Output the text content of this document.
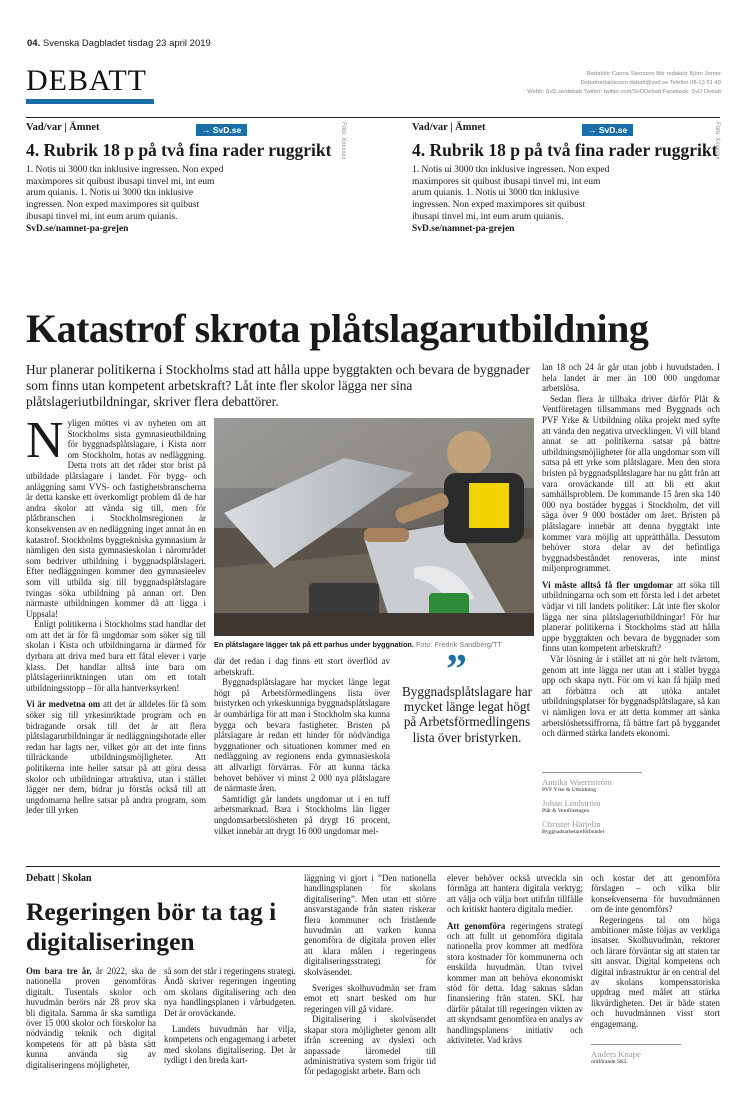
04. Svenska Dagbladet tisdag 23 april 2019
DEBATT	Redaktör Carina Stensson Bitr redaktör Björn Jorner
Debattredaktionen debatt@svd.se Telefon 08-13 51 49
Webb: SvD.se/debatt Twitter: twitter.com/SvDDebatt Facebook: SvD Debatt
Vad/var | Ämnet	→ SvD.se
4. Rubrik 18 p på två fina rader ruggrikt
1. Notis ui 3000 tkn inklusive ingressen. Non exped maximpores sit quibust ibusapi tinvel mi, int eum arum quianis. 1. Notis ui 3000 tkn inklusive ingressen. Non exped maximpores sit quibust ibusapi tinvel mi, int eum arum quianis.
SvD.se/namnet-pa-grejen
Foto: Xxxxxxx	Vad/var | Ämnet	→ SvD.se
4. Rubrik 18 p på två fina rader ruggrikt
1. Notis ui 3000 tkn inklusive ingressen. Non exped maximpores sit quibust ibusapi tinvel mi, int eum arum quianis. 1. Notis ui 3000 tkn inklusive ingressen. Non exped maximpores sit quibust ibusapi tinvel mi, int eum arum quianis.
SvD.se/namnet-pa-grejen
Foto: Xxxxxxx
Katastrof skrota plåtslagarutbildning
Hur planerar politikerna i Stockholms stad att hålla uppe byggtakten och bevara de byggnader som finns utan kompetent arbetskraft? Låt inte fler skolor lägga ner sina plåtslageriutbildningar, skriver flera debattörer.

Nyligen möttes vi av nyheten om att Stockholms sista gymnasieutbildning för byggnadsplåtslagare, i Kista norr om Stockholm, hotas av nedläggning. Detta trots att det råder stor brist på utbildade plåtslagare i landet. För bygg- och anläggning samt VVS- och fastighetsbranscherna är detta kanske ett överkomligt problem då de har andra skolor att vända sig till, men för plåtbranschen i Stockholmsregionen är konsekvensen av en nedläggning inget annat än en katastrof. Stockholms byggtekniska gymnasium är nämligen den sista gymnasieskolan i närområdet som bedriver utbildning i byggnadsplåtslageri. Efter nedläggningen kommer den gymnasieelev som vill utbilda sig till byggnadsplåtslagare tvingas söka utbildning på annan ort. Den närmaste utbildningen kommer då att ligga i Uppsala!

Enligt politikerna i Stockholms stad handlar det om att det är för få ungdomar som söker sig till skolan i Kista och utbildningarna är därmed för dyrbara att driva med bara ett fåtal elever i varje klass. Det handlar alltså inte bara om plåtslageriinriktningen utan om ett totalt utbildningsstopp – för alla hantverksyrken!

Vi är medvetna om att det är alldeles för få som söker sig till yrkesinriktade program och en bidragande orsak till det är att flera plåtslagarutbildningar är nedläggningshotade eller redan har lagts ner, vilket gör att det inte finns tillräckande utbildningsmöjligheter. Att politikerna inte heller satsar på att göra dessa skolor och utbildningar attraktiva, utan i stället lägger ner dem, bidrar ju förstås också till att ungdomarna hellre satsar på andra program, som leder till yrken

En plåtslagare lägger tak på ett parhus under byggnation. Foto: Fredrik Sandberg/TT

där det redan i dag finns ett stort överflöd av arbetskraft.

Byggnadsplåtslagare har mycket länge legat högt på Arbetsförmedlingens lista över bristyrken och yrkeskunniga byggnadsplåtslagare är oumbärliga för att man i Stockholm ska kunna bygga och bevara fastigheter. Bristen på plåtslagare är redan ett hinder för nödvändiga byggnationer och situationen kommer med en nedläggning av regionens enda gymnasieskola att allvarligt förvärras. För att kunna täcka behovet behöver vi minst 2 000 nya plåtslagare de närmaste åren.

Samtidigt går landets ungdomar ut i en tuff arbetsmarknad. Bara i Stockholms län ligger ungdomsarbetslösheten på drygt 16 procent, vilket innebär att drygt 16 000 ungdomar mel-

”
Byggnadsplåtslagare har mycket länge legat högt på Arbetsförmedlingens lista över bristyrken.

lan 18 och 24 år går utan jobb i huvudstaden. I hela landet är mer än 100 000 ungdomar arbetslösa.

Sedan flera år tillbaka driver därför Plåt & Ventföretagen tillsammans med Byggnads och PVF Yrke & Utbildning olika projekt med syfte att vända den negativa utvecklingen. Vi vill bland annat se att politikerna satsar på bättre utbildningsmöjligheter för alla ungdomar som vill satsa på ett yrke som plåtslagare. Men den stora bristen på byggnadsplåtslagare har nu gått från att vara oroväckande till att bli ett akut samhällsproblem. De kommande 15 åren ska 140 000 nya bostäder byggas i Stockholm, det vill säga över 9 000 bostäder om året. Bristen på plåtslagare innebär att denna byggtakt inte kommer vara möjlig att upprätthålla. Dessutom behöver stora delar av det befintliga byggnadsbeståndet renoveras, inte minst miljonprogrammet.

Vi måste alltså få fler ungdomar att söka till utbildningarna och som ett första led i det arbetet vädjar vi till landets politiker: Låt inte fler skolor lägga ner sina plåtslageriutbildningar! För hur planerar politikerna i Stockholms stad att hålla uppe byggtakten och bevara de byggnader som finns utan kompetent arbetskraft?

Vår lösning är i stället att ni gör helt tvärtom, genom att inte lägga ner utan att i stället bygga upp och skapa nytt. För om vi kan få hjälp med att förbättra och att utöka antalet utbildningsplatser för byggnadsplåtslagare, så kan vi nämligen lova er att detta kommer att sänka arbetslöshetssiffrorna, få bättre fart på byggandet och därmed stärka landets ekonomi.

Annika Waernström
PVF Yrke & Utbildning
Johan Lindström
Plåt & Ventföretagen
Christer Härjelin
Byggnadsarbetareförbundet
Debatt | Skolan
Regeringen bör ta tag i digitaliseringen

Om bara tre år, år 2022, ska de nationella proven genomföras digitalt. Tusentals skolor och huvudmän berörs när 28 prov ska bli digitala. Samma år ska samtliga över 15 000 skolor och förskolor ha nödvändig teknik och digital kompetens för att på bästa sätt kunna använda sig av digitaliseringens möjligheter,

så som det står i regeringens strategi. Ändå skriver regeringen ingenting om skolans digitalisering och den nya handlingsplanen i vårbudgeten. Det är oroväckande.

Landets huvudmän har vilja, kompetens och engagemang i arbetet med skolans digitalisering. Det är tydligt i den breda kart-

läggning vi gjort i ”Den nationella handlingsplanen för skolans digitalisering”. Men utan ett större ansvarstagande från staten riskerar flera kommuner och fristående huvudmän att varken kunna genomföra de digitala proven eller att klara målen i regeringens digitaliseringsstrategi för skolväsendet.

Sveriges skolhuvudmän ser fram emot ett snart besked om hur regeringen vill gå vidare.

Digitalisering i skolväsendet skapar stora möjligheter genom allt ifrån screening av dyslexi och anpassade läromedel till administrativa system som frigör tid för pedagogiskt arbete. Barn och

elever behöver också utveckla sin förmåga att hantera digitala verktyg; att välja och välja bort utifrån tillfälle och kritiskt hantera digitala medier.

Att genomföra regeringens strategi och att fullt ut genomföra digitala nationella prov kommer att medföra stora kostnader för kommunerna och enskilda huvudmän. Utan tvivel kommer man att behöva ekonomiskt stöd för detta. Idag saknas sådan finansiering från staten. SKL har därför påtalat till regeringen vikten av att skyndsamt genomföra en analys av handlingsplanens initiativ och aktiviteter. Vad krävs

och kostar det att genomföra förslagen – och vilka blir konsekvenserna för huvudmännen om de inte genomförs?

Regeringens tal om höga ambitioner måste följas av verkliga insatser. Skolhuvudmän, rektorer och lärare förväntar sig att staten tar sitt ansvar. Digital kompetens och digital infrastruktur är en central del av skolans kompensatoriska uppdrag med målet att stärka likvärdigheten. Det är både staten och huvudmännen visst stort engagemang.

Anders Knape
ordförande SKL
